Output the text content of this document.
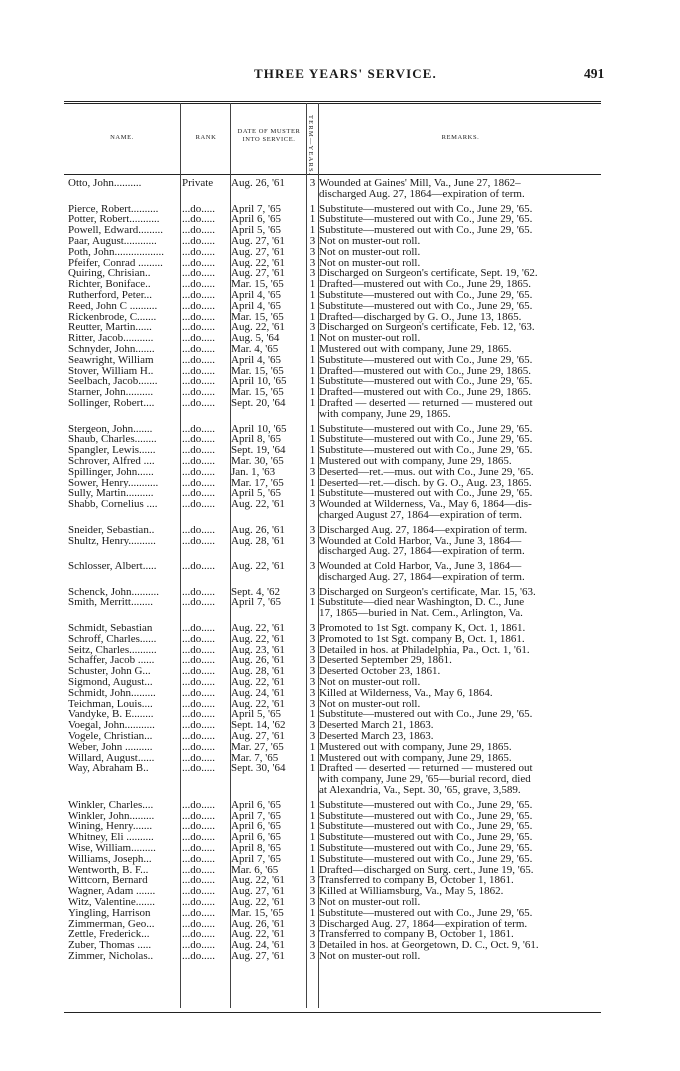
THREE YEARS' SERVICE.	491
NAME.	RANK
DATE OF MUSTER INTO SERVICE.	TERM—YEARS.	REMARKS.
Otto, John..........	Private	Aug. 26, '61	3 Wounded at Gaines' Mill, Va., June 27, 1862–
discharged Aug. 27, 1864—expiration of term.
Pierce, Robert..........	...do.....	April 7, '65	1 Substitute—mustered out with Co., June 29, '65.
Potter, Robert...........	...do.....	April 6, '65	1 Substitute—mustered out with Co., June 29, '65.
Powell, Edward.........	...do.....	April 5, '65	1 Substitute—mustered out with Co., June 29, '65.
Paar, August............	...do.....	Aug. 27, '61	3 Not on muster-out roll.
Poth, John..................	...do.....	Aug. 27, '61	3 Not on muster-out roll.
Pfeifer, Conrad .........	...do.....	Aug. 22, '61	3 Not on muster-out roll.
Quiring, Chrisian..	...do.....	Aug. 27, '61	3 Discharged on Surgeon's certificate, Sept. 19, '62.
Richter, Boniface..	...do.....	Mar. 15, '65	1 Drafted—mustered out with Co., June 29, 1865.
Rutherford, Peter...	...do.....	April 4, '65	1 Substitute—mustered out with Co., June 29, '65.
Reed, John C ..........	...do.....	April 4, '65	1 Substitute—mustered out with Co., June 29, '65.
Rickenbrode, C.......	...do.....	Mar. 15, '65	1 Drafted—discharged by G. O., June 13, 1865.
Reutter, Martin......	...do.....	Aug. 22, '61	3 Discharged on Surgeon's certificate, Feb. 12, '63.
Ritter, Jacob...........	...do.....	Aug. 5, '64	1 Not on muster-out roll.
Schnyder, John.......	...do.....	Mar. 4, '65	1 Mustered out with company, June 29, 1865.
Seawright, William	...do.....	April 4, '65	1 Substitute—mustered out with Co., June 29, '65.
Stover, William H..	...do.....	Mar. 15, '65	1 Drafted—mustered out with Co., June 29, 1865.
Seelbach, Jacob.......	...do.....	April 10, '65	1 Substitute—mustered out with Co., June 29, '65.
Starner, John..........	...do.....	Mar. 15, '65	1 Drafted—mustered out with Co., June 29, 1865.
Sollinger, Robert....	...do.....	Sept. 20, '64	1 Drafted — deserted — returned — mustered out
with company, June 29, 1865.
Stergeon, John.......	...do.....	April 10, '65	1 Substitute—mustered out with Co., June 29, '65.
Shaub, Charles........	...do.....	April 8, '65	1 Substitute—mustered out with Co., June 29, '65.
Spangler, Lewis......	...do.....	Sept. 19, '64	1 Substitute—mustered out with Co., June 29, '65.
Schrover, Alfred ....	...do.....	Mar. 30, '65	1 Mustered out with company, June 29, 1865.
Spillinger, John......	...do.....	Jan. 1, '63	3 Deserted—ret.—mus. out with Co., June 29, '65.
Sower, Henry...........	...do.....	Mar. 17, '65	1 Deserted—ret.—disch. by G. O., Aug. 23, 1865.
Sully, Martin..........	...do.....	April 5, '65	1 Substitute—mustered out with Co., June 29, '65.
Shabb, Cornelius ....	...do.....	Aug. 22, '61	3 Wounded at Wilderness, Va., May 6, 1864—dis-
charged August 27, 1864—expiration of term.
Sneider, Sebastian..	...do.....	Aug. 26, '61	3 Discharged Aug. 27, 1864—expiration of term.
Shultz, Henry..........	...do.....	Aug. 28, '61	3 Wounded at Cold Harbor, Va., June 3, 1864—
discharged Aug. 27, 1864—expiration of term.
Schlosser, Albert.....	...do.....	Aug. 22, '61	3 Wounded at Cold Harbor, Va., June 3, 1864—
discharged Aug. 27, 1864—expiration of term.
Schenck, John..........	...do.....	Sept. 4, '62	3 Discharged on Surgeon's certificate, Mar. 15, '63.
Smith, Merritt........	...do.....	April 7, '65	1 Substitute—died near Washington, D. C., June
17, 1865—buried in Nat. Cem., Arlington, Va.
Schmidt, Sebastian	...do.....	Aug. 22, '61	3 Promoted to 1st Sgt. company K, Oct. 1, 1861.
Schroff, Charles......	...do.....	Aug. 22, '61	3 Promoted to 1st Sgt. company B, Oct. 1, 1861.
Seitz, Charles..........	...do.....	Aug. 23, '61	3 Detailed in hos. at Philadelphia, Pa., Oct. 1, '61.
Schaffer, Jacob ......	...do.....	Aug. 26, '61	3 Deserted September 29, 1861.
Schuster, John G...	...do.....	Aug. 28, '61	3 Deserted October 23, 1861.
Sigmond, August...	...do.....	Aug. 22, '61	3 Not on muster-out roll.
Schmidt, John.........	...do.....	Aug. 24, '61	3 Killed at Wilderness, Va., May 6, 1864.
Teichman, Louis....	...do.....	Aug. 22, '61	3 Not on muster-out roll.
Vandyke, B. E........	...do.....	April 5, '65	1 Substitute—mustered out with Co., June 29, '65.
Voegal, John...........	...do.....	Sept. 14, '62	3 Deserted March 21, 1863.
Vogele, Christian...	...do.....	Aug. 27, '61	3 Deserted March 23, 1863.
Weber, John ..........	...do.....	Mar. 27, '65	1 Mustered out with company, June 29, 1865.
Willard, August......	...do.....	Mar. 7, '65	1 Mustered out with company, June 29, 1865.
Way, Abraham B..	...do.....	Sept. 30, '64	1 Drafted — deserted — returned — mustered out
with company, June 29, '65—burial record, died
at Alexandria, Va., Sept. 30, '65, grave, 3,589.
Winkler, Charles....	...do.....	April 6, '65	1 Substitute—mustered out with Co., June 29, '65.
Winkler, John.........	...do.....	April 7, '65	1 Substitute—mustered out with Co., June 29, '65.
Wining, Henry.......	...do.....	April 6, '65	1 Substitute—mustered out with Co., June 29, '65.
Whitney, Eli ..........	...do.....	April 6, '65	1 Substitute—mustered out with Co., June 29, '65.
Wise, William.........	...do.....	April 8, '65	1 Substitute—mustered out with Co., June 29, '65.
Williams, Joseph...	...do.....	April 7, '65	1 Substitute—mustered out with Co., June 29, '65.
Wentworth, B. F...	...do.....	Mar. 6, '65	1 Drafted—discharged on Surg. cert., June 19, '65.
Wittcorn, Bernard	...do.....	Aug. 22, '61	3 Transferred to company B, October 1, 1861.
Wagner, Adam .......	...do.....	Aug. 27, '61	3 Killed at Williamsburg, Va., May 5, 1862.
Witz, Valentine.......	...do.....	Aug. 22, '61	3 Not on muster-out roll.
Yingling, Harrison	...do.....	Mar. 15, '65	1 Substitute—mustered out with Co., June 29, '65.
Zimmerman, Geo...	...do.....	Aug. 26, '61	3 Discharged Aug. 27, 1864—expiration of term.
Zettle, Frederick...	...do.....	Aug. 22, '61	3 Transferred to company B, October 1, 1861.
Zuber, Thomas .....	...do.....	Aug. 24, '61	3 Detailed in hos. at Georgetown, D. C., Oct. 9, '61.
Zimmer, Nicholas..	...do.....	Aug. 27, '61	3 Not on muster-out roll.
